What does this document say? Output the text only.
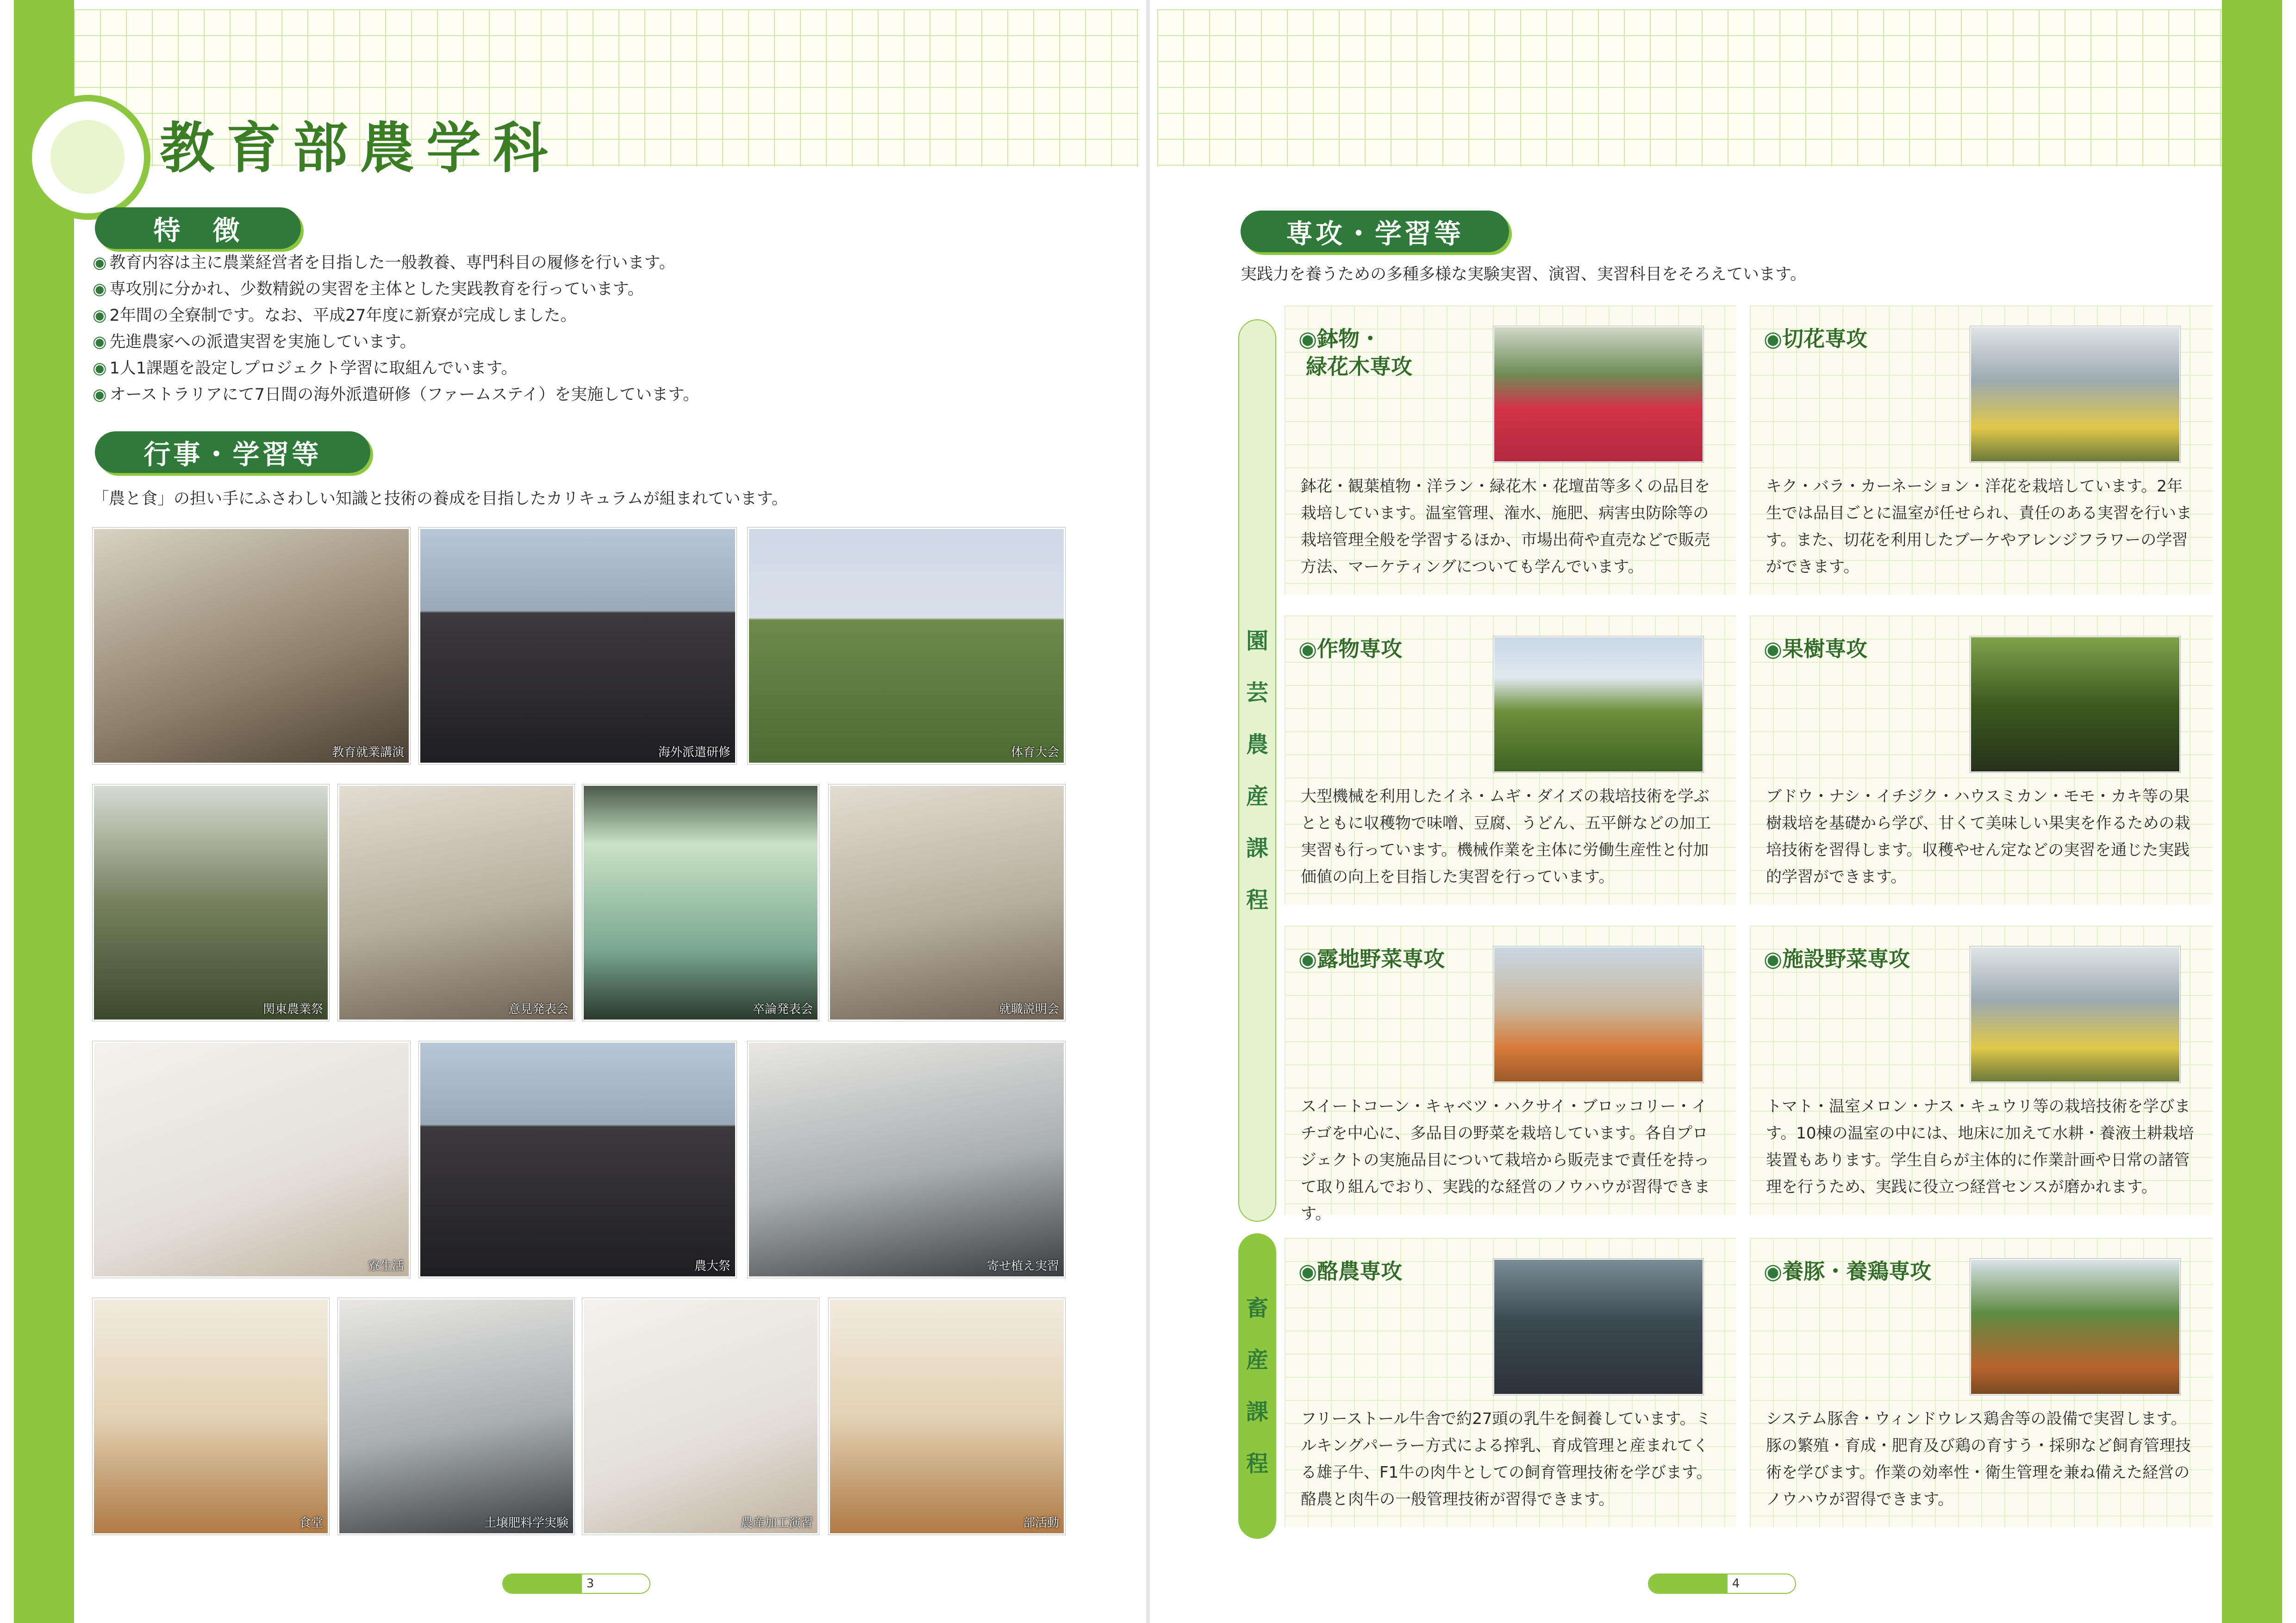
教育部農学科
特　徴
◉ 教育内容は主に農業経営者を目指した一般教養、専門科目の履修を行います。
◉ 専攻別に分かれ、少数精鋭の実習を主体とした実践教育を行っています。
◉ 2年間の全寮制です。なお、平成27年度に新寮が完成しました。
◉ 先進農家への派遣実習を実施しています。
◉ 1人1課題を設定しプロジェクト学習に取組んでいます。
◉ オーストラリアにて7日間の海外派遣研修（ファームステイ）を実施しています。
行事・学習等
「農と食」の担い手にふさわしい知識と技術の養成を目指したカリキュラムが組まれています。
教育就業講演	海外派遣研修	体育大会
関東農業祭	意見発表会	卒論発表会	就職説明会
寮生活	農大祭	寄せ植え実習
食堂	土壌肥料学実験	農産加工演習	部活動
3
専攻・学習等
実践力を養うための多種多様な実験実習、演習、実習科目をそろえています。
園
芸
農
産
課
程
畜
産
課
程
◉鉢物・
緑花木専攻
鉢花・観葉植物・洋ラン・緑花木・花壇苗等多くの品目を栽培しています。温室管理、潅水、施肥、病害虫防除等の栽培管理全般を学習するほか、市場出荷や直売などで販売方法、マーケティングについても学んでいます。
◉切花専攻
キク・バラ・カーネーション・洋花を栽培しています。2年生では品目ごとに温室が任せられ、責任のある実習を行います。また、切花を利用したブーケやアレンジフラワーの学習ができます。
◉作物専攻
大型機械を利用したイネ・ムギ・ダイズの栽培技術を学ぶとともに収穫物で味噌、豆腐、うどん、五平餅などの加工実習も行っています。機械作業を主体に労働生産性と付加価値の向上を目指した実習を行っています。
◉果樹専攻
ブドウ・ナシ・イチジク・ハウスミカン・モモ・カキ等の果樹栽培を基礎から学び、甘くて美味しい果実を作るための栽培技術を習得します。収穫やせん定などの実習を通じた実践的学習ができます。
◉露地野菜専攻
スイートコーン・キャベツ・ハクサイ・ブロッコリー・イチゴを中心に、多品目の野菜を栽培しています。各自プロジェクトの実施品目について栽培から販売まで責任を持って取り組んでおり、実践的な経営のノウハウが習得できます。
◉施設野菜専攻
トマト・温室メロン・ナス・キュウリ等の栽培技術を学びます。10棟の温室の中には、地床に加えて水耕・養液土耕栽培装置もあります。学生自らが主体的に作業計画や日常の諸管理を行うため、実践に役立つ経営センスが磨かれます。
◉酪農専攻
フリーストール牛舎で約27頭の乳牛を飼養しています。ミルキングパーラー方式による搾乳、育成管理と産まれてくる雄子牛、F1牛の肉牛としての飼育管理技術を学びます。酪農と肉牛の一般管理技術が習得できます。
◉養豚・養鶏専攻
システム豚舎・ウィンドウレス鶏舎等の設備で実習します。豚の繁殖・育成・肥育及び鶏の育すう・採卵など飼育管理技術を学びます。作業の効率性・衛生管理を兼ね備えた経営のノウハウが習得できます。
4
